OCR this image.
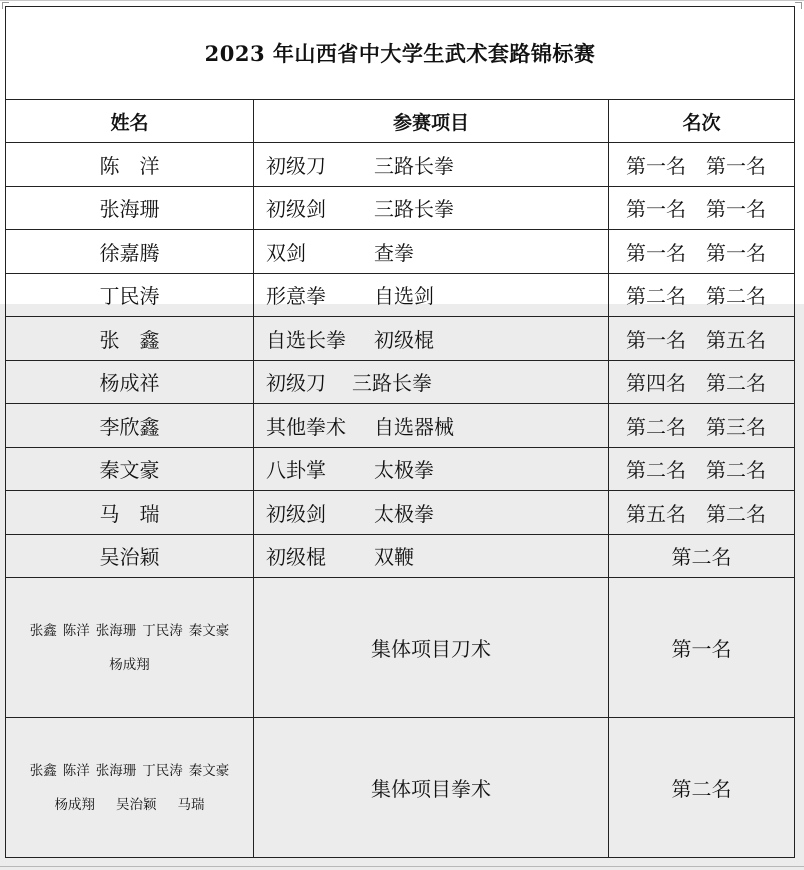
2023 年山西省中大学生武术套路锦标赛		
姓名	参赛项目	名次
陈　洋	初级刀 三路长拳	第一名 第一名
张海珊	初级剑 三路长拳	第一名 第一名
徐嘉腾	双剑 查拳	第一名 第一名
丁民涛	形意拳 自选剑	第二名 第二名
张　鑫	自选长拳 初级棍	第一名 第五名
杨成祥	初级刀 三路长拳	第四名 第二名
李欣鑫	其他拳术 自选器械	第二名 第三名
秦文豪	八卦掌 太极拳	第二名 第二名
马　瑞	初级剑 太极拳	第五名 第二名
吴治颖	初级棍 双鞭	第二名

张鑫 陈洋 张海珊 丁民涛 秦文豪
杨成翔	集体项目刀术	第一名

张鑫 陈洋 张海珊 丁民涛 秦文豪
杨成翔 吴治颖 马瑞	集体项目拳术	第二名
